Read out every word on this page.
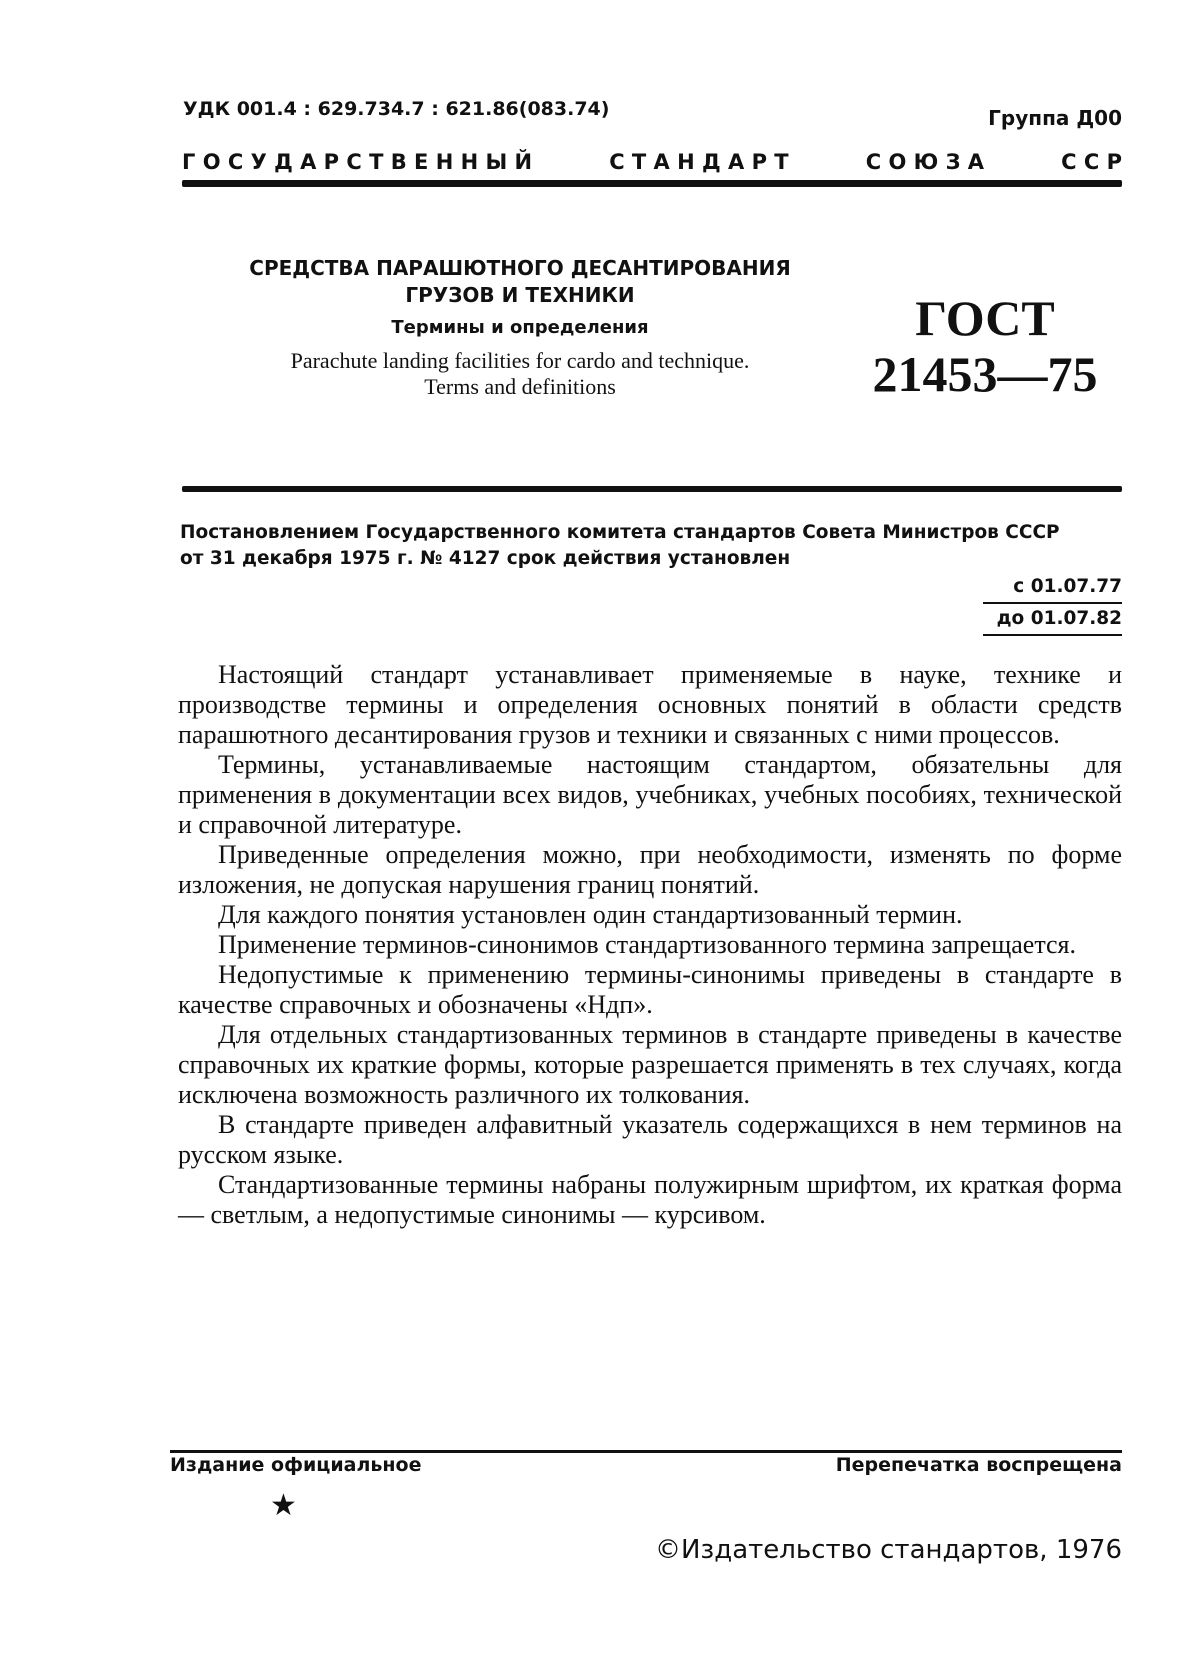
УДК 001.4 : 629.734.7 : 621.86(083.74)	Группа Д00
Г О С У Д А Р С Т В Е Н Н Ы Й	С Т А Н Д А Р Т	С О Ю З А	С С Р
СРЕДСТВА ПАРАШЮТНОГО ДЕСАНТИРОВАНИЯ
ГРУЗОВ И ТЕХНИКИ
Термины и определения
Parachute landing facilities for cardo and technique.
Terms and definitions
ГОСТ
21453—75
Постановлением Государственного комитета стандартов Совета Министров СССР
от 31 декабря 1975 г. № 4127 срок действия установлен
с 01.07.77
до 01.07.82

Настоящий стандарт устанавливает применяемые в науке, технике и производстве термины и определения основных понятий в области средств парашютного десантирования грузов и техники и связанных с ними процессов.

Термины, устанавливаемые настоящим стандартом, обязательны для применения в документации всех видов, учебниках, учебных пособиях, технической и справочной литературе.

Приведенные определения можно, при необходимости, изменять по форме изложения, не допуская нарушения границ понятий.

Для каждого понятия установлен один стандартизованный термин.

Применение терминов-синонимов стандартизованного термина запрещается.

Недопустимые к применению термины-синонимы приведены в стандарте в качестве справочных и обозначены «Ндп».

Для отдельных стандартизованных терминов в стандарте приведены в качестве справочных их краткие формы, которые разрешается применять в тех случаях, когда исключена возможность различного их толкования.

В стандарте приведен алфавитный указатель содержащихся в нем терминов на русском языке.

Стандартизованные термины набраны полужирным шрифтом, их краткая форма — светлым, а недопустимые синонимы — курсивом.

Издание официальное	Перепечатка воспрещена
★
©Издательство стандартов, 1976
